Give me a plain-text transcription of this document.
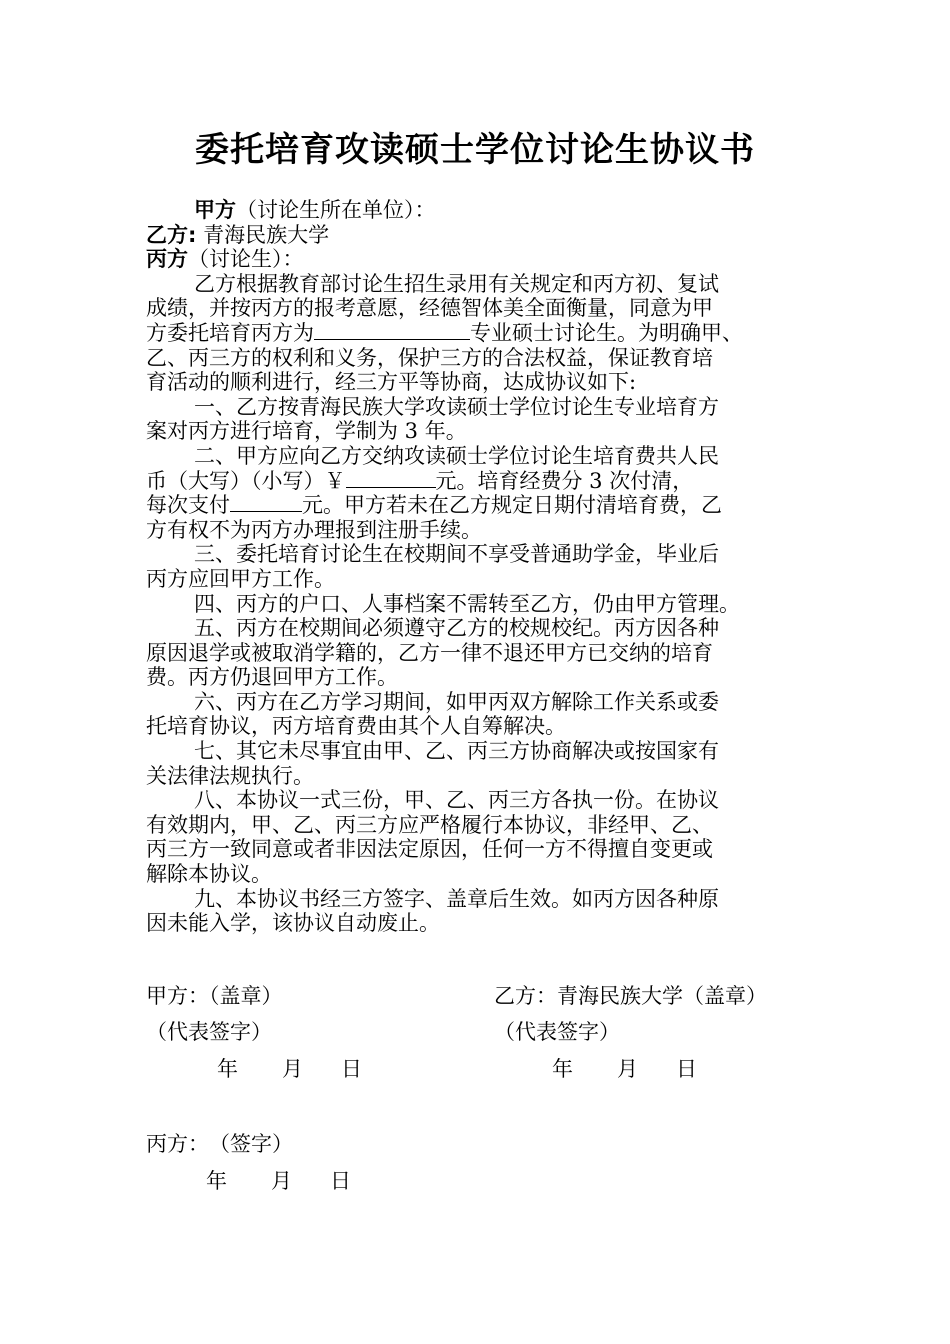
委托培育攻读硕士学位讨论生协议书
甲方（讨论生所在单位）：
乙方: 青海民族大学
丙方（讨论生）：
乙方根据教育部讨论生招生录用有关规定和丙方初、复试
成绩，并按丙方的报考意愿，经德智体美全面衡量，同意为甲
方委托培育丙方为	专业硕士讨论生。为明确甲、
乙、丙三方的权利和义务，保护三方的合法权益，保证教育培
育活动的顺利进行，经三方平等协商，达成协议如下:
一、乙方按青海民族大学攻读硕士学位讨论生专业培育方
案对丙方进行培育，学制为 3 年。
二、甲方应向乙方交纳攻读硕士学位讨论生培育费共人民
币（大写）（小写）￥	元。培育经费分 3 次付清，
每次支付	元。甲方若未在乙方规定日期付清培育费，乙
方有权不为丙方办理报到注册手续。
三、委托培育讨论生在校期间不享受普通助学金，毕业后
丙方应回甲方工作。
四、丙方的户口、人事档案不需转至乙方，仍由甲方管理。
五、丙方在校期间必须遵守乙方的校规校纪。丙方因各种
原因退学或被取消学籍的，乙方一律不退还甲方已交纳的培育
费。丙方仍退回甲方工作。
六、丙方在乙方学习期间，如甲丙双方解除工作关系或委
托培育协议，丙方培育费由其个人自筹解决。
七、其它未尽事宜由甲、乙、丙三方协商解决或按国家有
关法律法规执行。
八、本协议一式三份，甲、乙、丙三方各执一份。在协议
有效期内，甲、乙、丙三方应严格履行本协议，非经甲、乙、
丙三方一致同意或者非因法定原因，任何一方不得擅自变更或
解除本协议。
九、本协议书经三方签字、盖章后生效。如丙方因各种原
因未能入学，该协议自动废止。
甲方：（盖章）
（代表签字）
年 月 日
乙方：青海民族大学（盖章）
（代表签字）
年 月 日
丙方：　（签字）
年 月 日
